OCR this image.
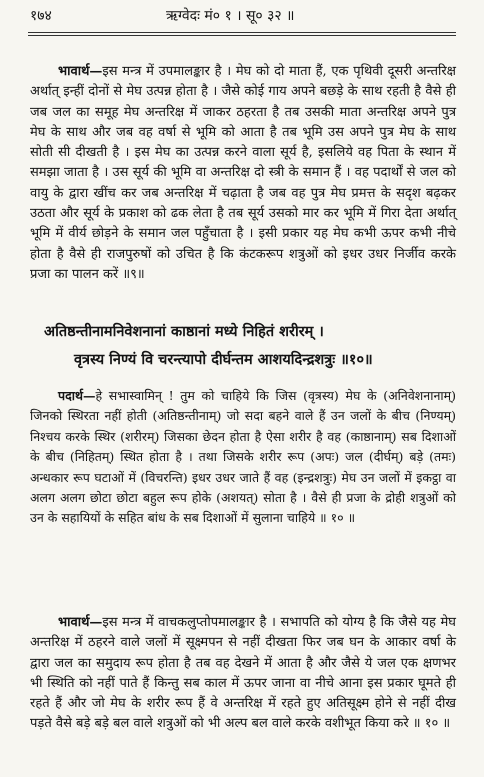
१७४	ऋग्वेदः मं० १ । सू० ३२ ॥

भावार्थ—इस मन्त्र में उपमालङ्कार है । मेघ को दो माता हैं, एक पृथिवी दूसरी अन्तरिक्ष अर्थात् इन्हीं दोनों से मेघ उत्पन्न होता है । जैसे कोई गाय अपने बछड़े के साथ रहती है वैसे ही जब जल का समूह मेघ अन्तरिक्ष में जाकर ठहरता है तब उसकी माता अन्तरिक्ष अपने पुत्र मेघ के साथ और जब वह वर्षा से भूमि को आता है तब भूमि उस अपने पुत्र मेघ के साथ सोती सी दीखती है । इस मेघ का उत्पन्न करने वाला सूर्य है, इसलिये वह पिता के स्थान में समझा जाता है । उस सूर्य की भूमि वा अन्तरिक्ष दो स्त्री के समान हैं । वह पदार्थों से जल को वायु के द्वारा खींच कर जब अन्तरिक्ष में चढ़ाता है जब वह पुत्र मेघ प्रमत्त के सदृश बढ़कर उठता और सूर्य के प्रकाश को ढक लेता है तब सूर्य उसको मार कर भूमि में गिरा देता अर्थात् भूमि में वीर्य छोड़ने के समान जल पहुँचाता है । इसी प्रकार यह मेघ कभी ऊपर कभी नीचे होता है वैसे ही राजपुरुषों को उचित है कि कंटकरूप शत्रुओं को इधर उधर निर्जीव करके प्रजा का पालन करें ॥९॥

अतिष्ठन्तीनामनिवेशनानां काष्ठानां मध्ये निहितं शरीरम् ।

वृत्रस्य निण्यं वि चरन्त्यापो दीर्घन्तम आशयदिन्द्रशत्रुः ॥१०॥

पदार्थ—हे सभास्वामिन् ! तुम को चाहिये कि जिस (वृत्रस्य) मेघ के (अनिवेशनानाम्) जिनको स्थिरता नहीं होती (अतिष्ठन्तीनाम्) जो सदा बहने वाले हैं उन जलों के बीच (निण्यम्) निश्चय करके स्थिर (शरीरम्) जिसका छेदन होता है ऐसा शरीर है वह (काष्ठानाम्) सब दिशाओं के बीच (निहितम्) स्थित होता है । तथा जिसके शरीर रूप (अपः) जल (दीर्घम्) बड़े (तमः) अन्धकार रूप घटाओं में (विचरन्ति) इधर उधर जाते हैं वह (इन्द्रशत्रुः) मेघ उन जलों में इकट्ठा वा अलग अलग छोटा छोटा बहुल रूप होके (अशयत्) सोता है । वैसे ही प्रजा के द्रोही शत्रुओं को उन के सहायियों के सहित बांध के सब दिशाओं में सुलाना चाहिये ॥ १० ॥

भावार्थ—इस मन्त्र में वाचकलुप्तोपमालङ्कार है । सभापति को योग्य है कि जैसे यह मेघ अन्तरिक्ष में ठहरने वाले जलों में सूक्ष्मपन से नहीं दीखता फिर जब घन के आकार वर्षा के द्वारा जल का समुदाय रूप होता है तब वह देखने में आता है और जैसे ये जल एक क्षणभर भी स्थिति को नहीं पाते हैं किन्तु सब काल में ऊपर जाना वा नीचे आना इस प्रकार घूमते ही रहते हैं और जो मेघ के शरीर रूप हैं वे अन्तरिक्ष में रहते हुए अतिसूक्ष्म होने से नहीं दीख पड़ते वैसे बड़े बड़े बल वाले शत्रुओं को भी अल्प बल वाले करके वशीभूत किया करे ॥ १० ॥
